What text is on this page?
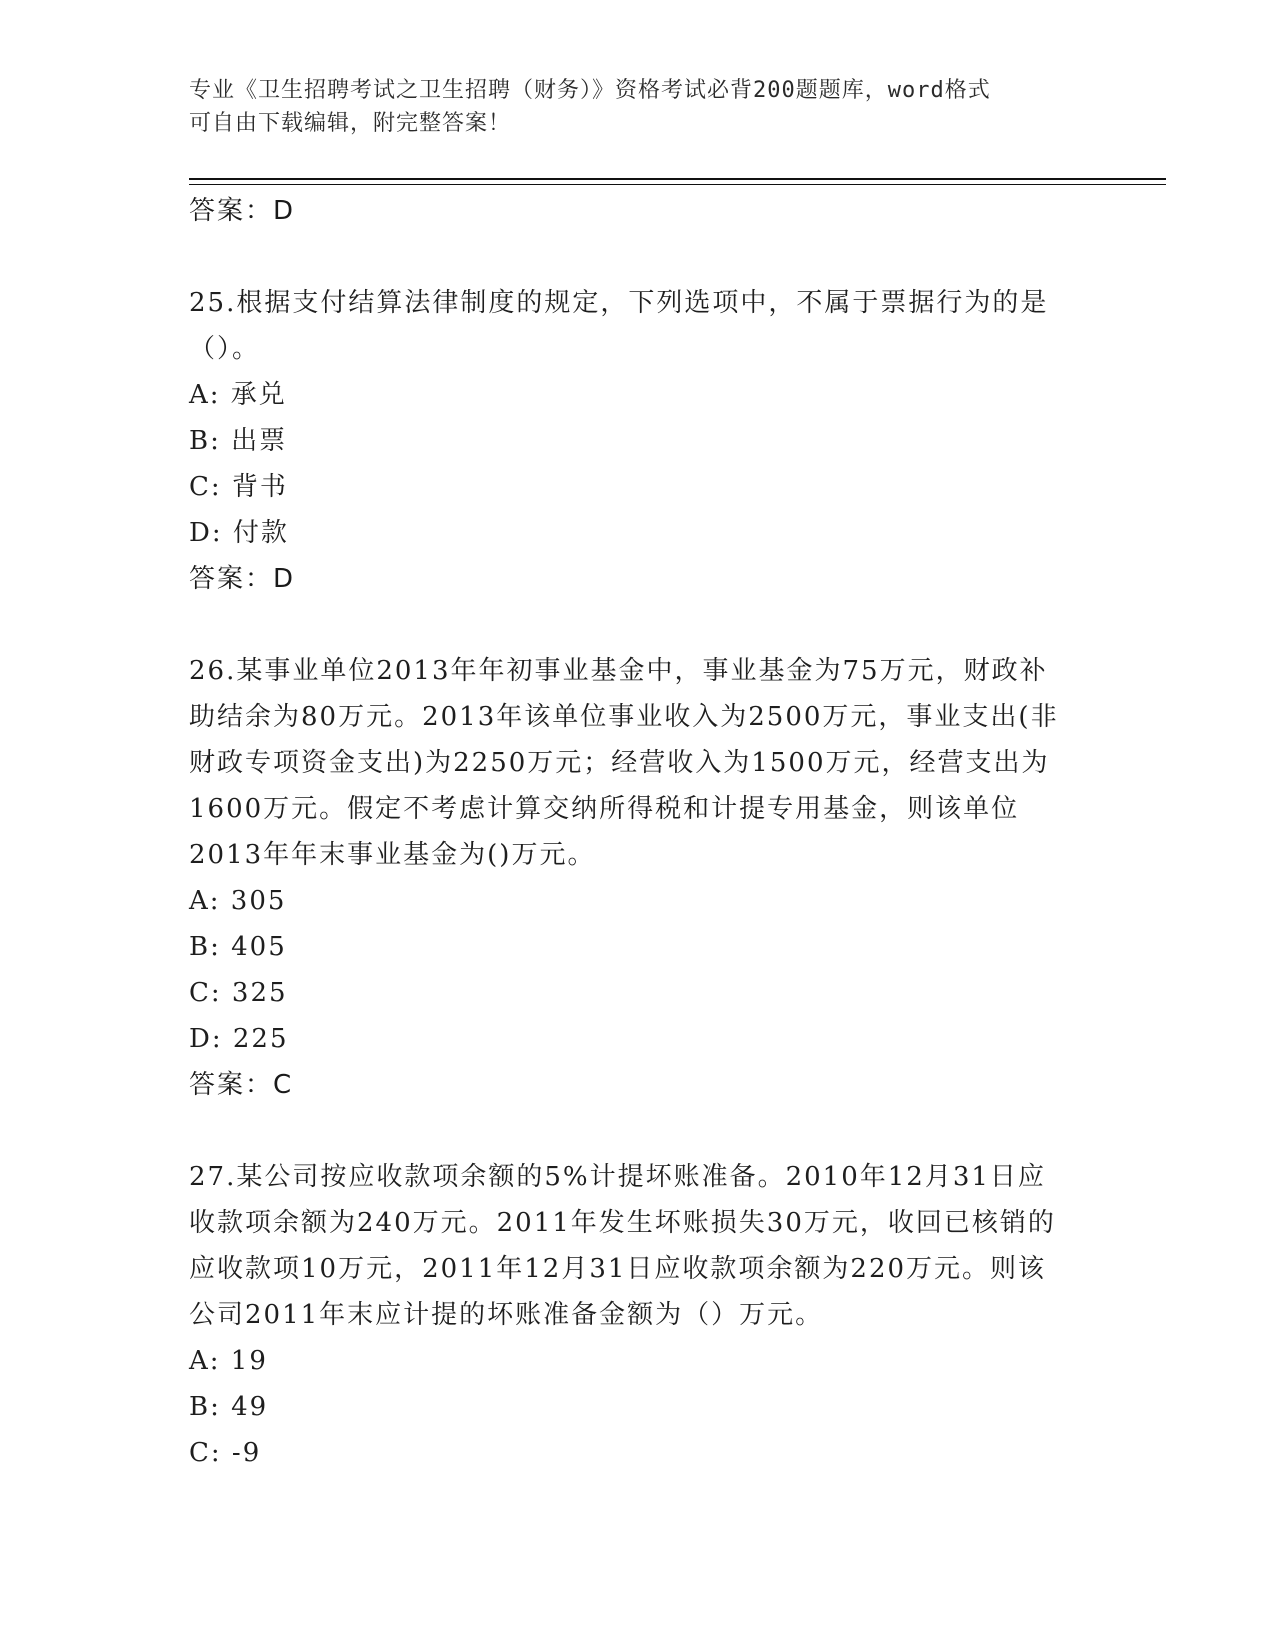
专业《卫生招聘考试之卫生招聘（财务）》资格考试必背200题题库，word格式
可自由下载编辑，附完整答案！

答案：D

25.根据支付结算法律制度的规定，下列选项中，不属于票据行为的是

（）。

A: 承兑

B: 出票

C: 背书

D: 付款

答案：D

26.某事业单位2013年年初事业基金中，事业基金为75万元，财政补

助结余为80万元。2013年该单位事业收入为2500万元，事业支出(非

财政专项资金支出)为2250万元；经营收入为1500万元，经营支出为

1600万元。假定不考虑计算交纳所得税和计提专用基金，则该单位

2013年年末事业基金为()万元。

A: 305

B: 405

C: 325

D: 225

答案：C

27.某公司按应收款项余额的5%计提坏账准备。2010年12月31日应

收款项余额为240万元。2011年发生坏账损失30万元，收回已核销的

应收款项10万元，2011年12月31日应收款项余额为220万元。则该

公司2011年末应计提的坏账准备金额为（）万元。

A: 19

B: 49

C: -9
